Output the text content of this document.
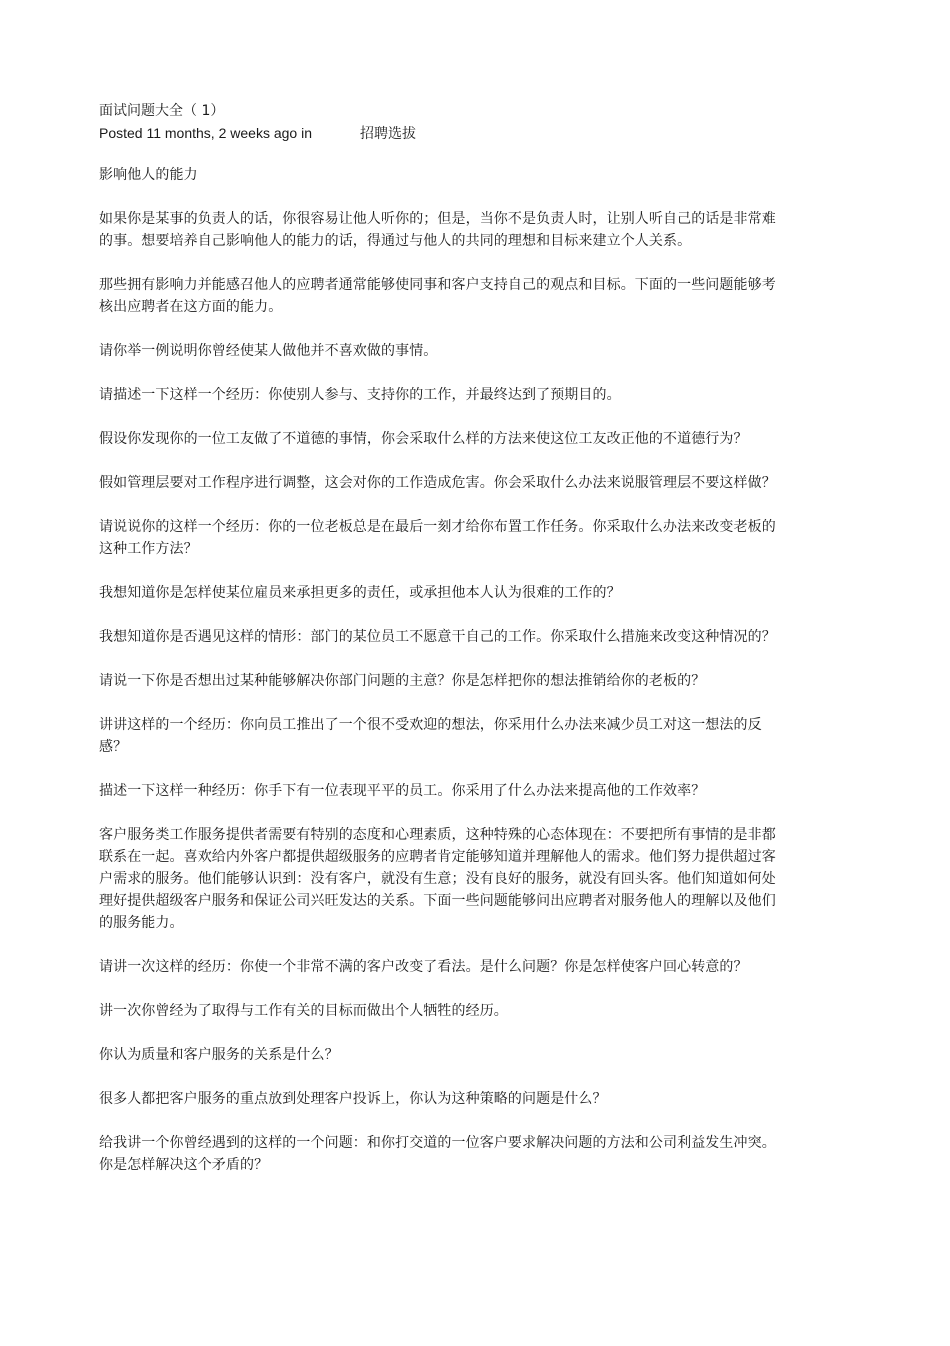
面试问题大全（ 1）

Posted 11 months, 2 weeks ago in	招聘选拔

影响他人的能力

如果你是某事的负责人的话，你很容易让他人听你的；但是，当你不是负责人时，让别人听自己的话是非常难的事。想要培养自己影响他人的能力的话，得通过与他人的共同的理想和目标来建立个人关系。

那些拥有影响力并能感召他人的应聘者通常能够使同事和客户支持自己的观点和目标。下面的一些问题能够考核出应聘者在这方面的能力。

请你举一例说明你曾经使某人做他并不喜欢做的事情。

请描述一下这样一个经历：你使别人参与、支持你的工作，并最终达到了预期目的。

假设你发现你的一位工友做了不道德的事情，你会采取什么样的方法来使这位工友改正他的不道德行为？

假如管理层要对工作程序进行调整，这会对你的工作造成危害。你会采取什么办法来说服管理层不要这样做？

请说说你的这样一个经历：你的一位老板总是在最后一刻才给你布置工作任务。你采取什么办法来改变老板的这种工作方法？

我想知道你是怎样使某位雇员来承担更多的责任，或承担他本人认为很难的工作的？

我想知道你是否遇见这样的情形：部门的某位员工不愿意干自己的工作。你采取什么措施来改变这种情况的？

请说一下你是否想出过某种能够解决你部门问题的主意？你是怎样把你的想法推销给你的老板的？

讲讲这样的一个经历：你向员工推出了一个很不受欢迎的想法，你采用什么办法来减少员工对这一想法的反感？

描述一下这样一种经历：你手下有一位表现平平的员工。你采用了什么办法来提高他的工作效率？

客户服务类工作服务提供者需要有特别的态度和心理素质，这种特殊的心态体现在：不要把所有事情的是非都联系在一起。喜欢给内外客户都提供超级服务的应聘者肯定能够知道并理解他人的需求。他们努力提供超过客户需求的服务。他们能够认识到：没有客户，就没有生意；没有良好的服务，就没有回头客。他们知道如何处理好提供超级客户服务和保证公司兴旺发达的关系。下面一些问题能够问出应聘者对服务他人的理解以及他们的服务能力。

请讲一次这样的经历：你使一个非常不满的客户改变了看法。是什么问题？你是怎样使客户回心转意的？

讲一次你曾经为了取得与工作有关的目标而做出个人牺牲的经历。

你认为质量和客户服务的关系是什么？

很多人都把客户服务的重点放到处理客户投诉上，你认为这种策略的问题是什么？

给我讲一个你曾经遇到的这样的一个问题：和你打交道的一位客户要求解决问题的方法和公司利益发生冲突。你是怎样解决这个矛盾的？
